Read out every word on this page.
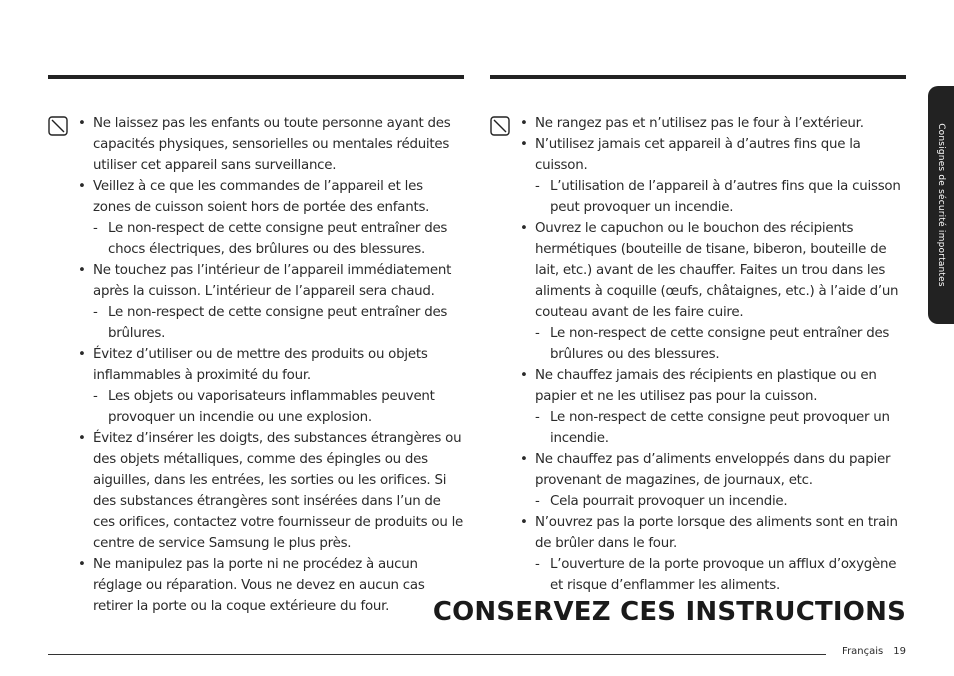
• Ne laissez pas les enfants ou toute personne ayant des capacités physiques, sensorielles ou mentales réduites utiliser cet appareil sans surveillance.
• Veillez à ce que les commandes de l’appareil et les zones de cuisson soient hors de portée des enfants.
- Le non-respect de cette consigne peut entraîner des chocs électriques, des brûlures ou des blessures.
• Ne touchez pas l’intérieur de l’appareil immédiatement après la cuisson. L’intérieur de l’appareil sera chaud.
- Le non-respect de cette consigne peut entraîner des brûlures.
• Évitez d’utiliser ou de mettre des produits ou objets inflammables à proximité du four.
- Les objets ou vaporisateurs inflammables peuvent provoquer un incendie ou une explosion.
• Évitez d’insérer les doigts, des substances étrangères ou des objets métalliques, comme des épingles ou des aiguilles, dans les entrées, les sorties ou les orifices. Si des substances étrangères sont insérées dans l’un de ces orifices, contactez votre fournisseur de produits ou le centre de service Samsung le plus près.
• Ne manipulez pas la porte ni ne procédez à aucun réglage ou réparation. Vous ne devez en aucun cas retirer la porte ou la coque extérieure du four.
• Ne rangez pas et n’utilisez pas le four à l’extérieur.
• N’utilisez jamais cet appareil à d’autres fins que la cuisson.
- L’utilisation de l’appareil à d’autres fins que la cuisson peut provoquer un incendie.
• Ouvrez le capuchon ou le bouchon des récipients hermétiques (bouteille de tisane, biberon, bouteille de lait, etc.) avant de les chauffer. Faites un trou dans les aliments à coquille (œufs, châtaignes, etc.) à l’aide d’un couteau avant de les faire cuire.
- Le non-respect de cette consigne peut entraîner des brûlures ou des blessures.
• Ne chauffez jamais des récipients en plastique ou en papier et ne les utilisez pas pour la cuisson.
- Le non-respect de cette consigne peut provoquer un incendie.
• Ne chauffez pas d’aliments enveloppés dans du papier provenant de magazines, de journaux, etc.
- Cela pourrait provoquer un incendie.
• N’ouvrez pas la porte lorsque des aliments sont en train de brûler dans le four.
- L’ouverture de la porte provoque un afflux d’oxygène et risque d’enflammer les aliments.
Consignes de sécurité importantes
CONSERVEZ CES INSTRUCTIONS
Français 19
